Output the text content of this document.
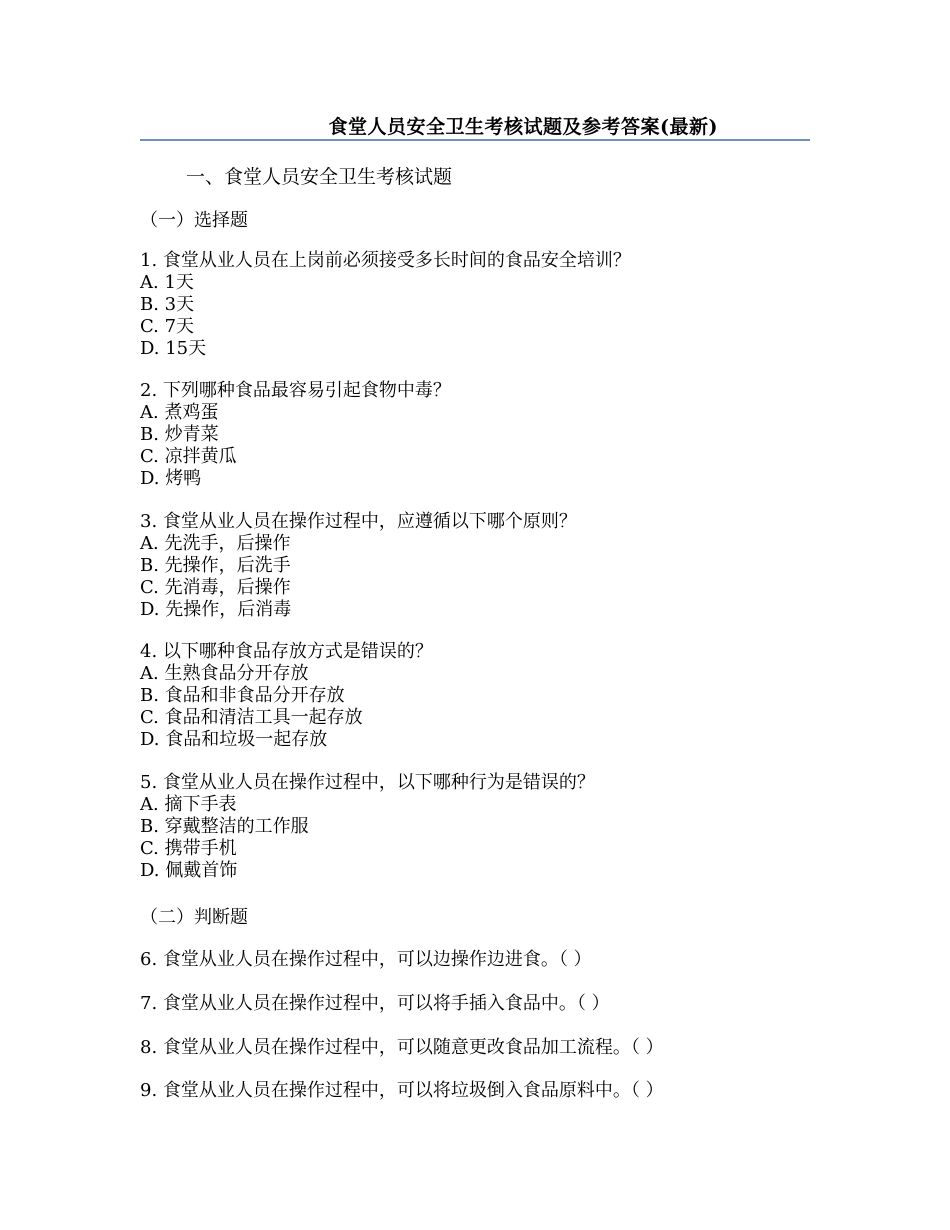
食堂人员安全卫生考核试题及参考答案(最新)
一、食堂人员安全卫生考核试题
（一）选择题
1. 食堂从业人员在上岗前必须接受多长时间的食品安全培训？
A. 1天
B. 3天
C. 7天
D. 15天
2. 下列哪种食品最容易引起食物中毒？
A. 煮鸡蛋
B. 炒青菜
C. 凉拌黄瓜
D. 烤鸭
3. 食堂从业人员在操作过程中，应遵循以下哪个原则？
A. 先洗手，后操作
B. 先操作，后洗手
C. 先消毒，后操作
D. 先操作，后消毒
4. 以下哪种食品存放方式是错误的？
A. 生熟食品分开存放
B. 食品和非食品分开存放
C. 食品和清洁工具一起存放
D. 食品和垃圾一起存放
5. 食堂从业人员在操作过程中，以下哪种行为是错误的？
A. 摘下手表
B. 穿戴整洁的工作服
C. 携带手机
D. 佩戴首饰
（二）判断题
6. 食堂从业人员在操作过程中，可以边操作边进食。（ ）
7. 食堂从业人员在操作过程中，可以将手插入食品中。（ ）
8. 食堂从业人员在操作过程中，可以随意更改食品加工流程。（ ）
9. 食堂从业人员在操作过程中，可以将垃圾倒入食品原料中。（ ）
